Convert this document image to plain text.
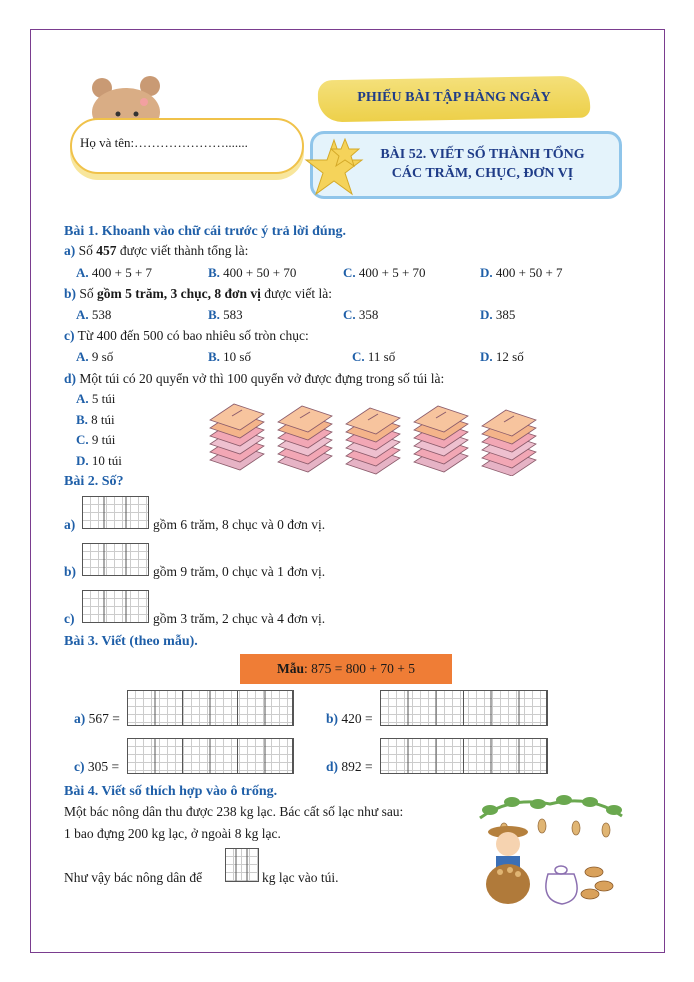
PHIẾU BÀI TẬP HÀNG NGÀY
Họ và tên:………………….......
BÀI 52. VIẾT SỐ THÀNH TỔNG
CÁC TRĂM, CHỤC, ĐƠN VỊ
Bài 1. Khoanh vào chữ cái trước ý trả lời đúng.
a) Số 457 được viết thành tổng là:
A. 400 + 5 + 7	B. 400 + 50 + 70	C. 400 + 5 + 70	D. 400 + 50 + 7
b) Số gồm 5 trăm, 3 chục, 8 đơn vị được viết là:
A. 538	B. 583	C. 358	D. 385
c) Từ 400 đến 500 có bao nhiêu số tròn chục:
A. 9 số	B. 10 số	C. 11 số	D. 12 số
d) Một túi có 20 quyển vở thì 100 quyển vở được đựng trong số túi là:
A. 5 túi
B. 8 túi
C. 9 túi
D. 10 túi
Bài 2. Số?
a)	gồm 6 trăm, 8 chục và 0 đơn vị.
b)	gồm 9 trăm, 0 chục và 1 đơn vị.
c)	gồm 3 trăm, 2 chục và 4 đơn vị.
Bài 3. Viết (theo mẫu).
Mẫu: 875 = 800 + 70 + 5
a) 567 =	b) 420 =
c) 305 =	d) 892 =
Bài 4. Viết số thích hợp vào ô trống.
Một bác nông dân thu được 238 kg lạc. Bác cất số lạc như sau:
1 bao đựng 200 kg lạc, ở ngoài 8 kg lạc.
Như vậy bác nông dân để	kg lạc vào túi.
